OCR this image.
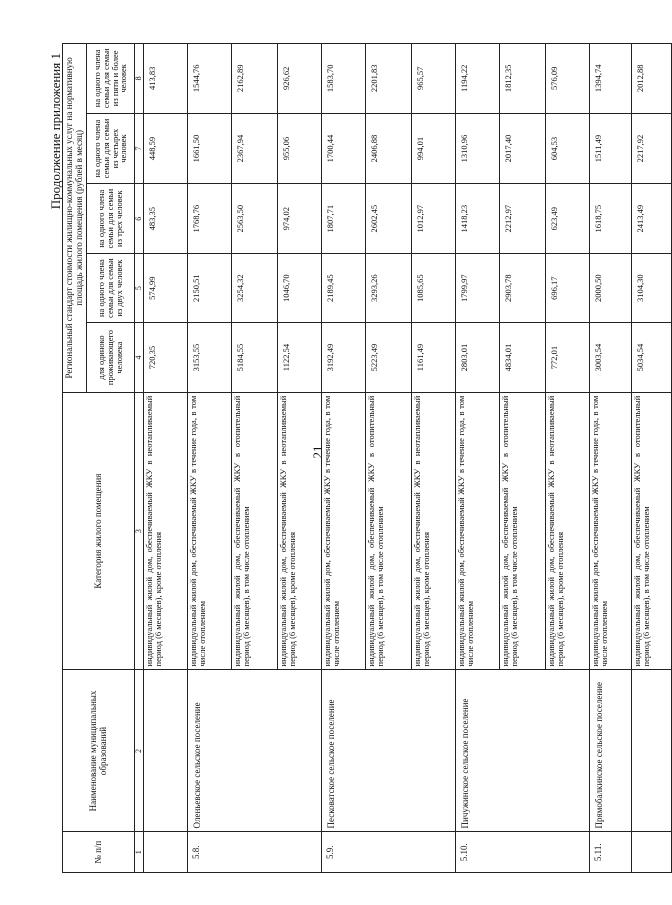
21
Продолжение приложения 1
№ п/п	Наименование муниципальных образований	Категория жилого помещения	Региональный стандарт стоимости жилищно-коммунальных услуг на нормативную площадь жилого помещения (рублей в месяц)				
			для одиноко проживающего человека	на одного члена семьи для семьи из двух человек	на одного члена семьи для семьи из трех человек	на одного члена семьи для семьи из четырех человек	на одного члена семьи для семьи из пяти и более человек
1	2	3	4	5	6	7	8
		индивидуальный жилой дом, обеспечиваемый ЖКУ в неотапливаемый период (6 месяцев), кроме отопления	720,35	574,99	483,35	448,59	413,83
5.8.	Оленьевское сельское поселение	индивидуальный жилой дом, обеспечиваемый ЖКУ в течение года, в том числе отоплением	3153,55	2150,51	1768,76	1661,50	1544,76
		индивидуальный жилой дом, обеспечиваемый ЖКУ в отопительный период (6 месяцев), в том числе отоплением	5184,55	3254,32	2563,50	2367,94	2162,89
		индивидуальный жилой дом, обеспечиваемый ЖКУ в неотапливаемый период (6 месяцев), кроме отопления	1122,54	1046,70	974,02	955,06	926,62
5.9.	Песковатское сельское поселение	индивидуальный жилой дом, обеспечиваемый ЖКУ в течение года, в том числе отоплением	3192,49	2189,45	1807,71	1700,44	1583,70
		индивидуальный жилой дом, обеспечиваемый ЖКУ в отопительный период (6 месяцев), в том числе отоплением	5223,49	3293,26	2602,45	2406,88	2201,83
		индивидуальный жилой дом, обеспечиваемый ЖКУ в неотапливаемый период (6 месяцев), кроме отопления	1161,49	1085,65	1012,97	994,01	965,57
5.10.	Пичужинское сельское поселение	индивидуальный жилой дом, обеспечиваемый ЖКУ в течение года, в том числе отоплением	2803,01	1799,97	1418,23	1310,96	1194,22
		индивидуальный жилой дом, обеспечиваемый ЖКУ в отопительный период (6 месяцев), в том числе отоплением	4834,01	2903,78	2212,97	2017,40	1812,35
		индивидуальный жилой дом, обеспечиваемый ЖКУ в неотапливаемый период (6 месяцев), кроме отопления	772,01	696,17	623,49	604,53	576,09
5.11.	Прямобалкинское сельское поселение	индивидуальный жилой дом, обеспечиваемый ЖКУ в течение года, в том числе отоплением	3003,54	2000,50	1618,75	1511,49	1394,74
		индивидуальный жилой дом, обеспечиваемый ЖКУ в отопительный период (6 месяцев), в том числе отоплением	5034,54	3104,30	2413,49	2217,92	2012,88
